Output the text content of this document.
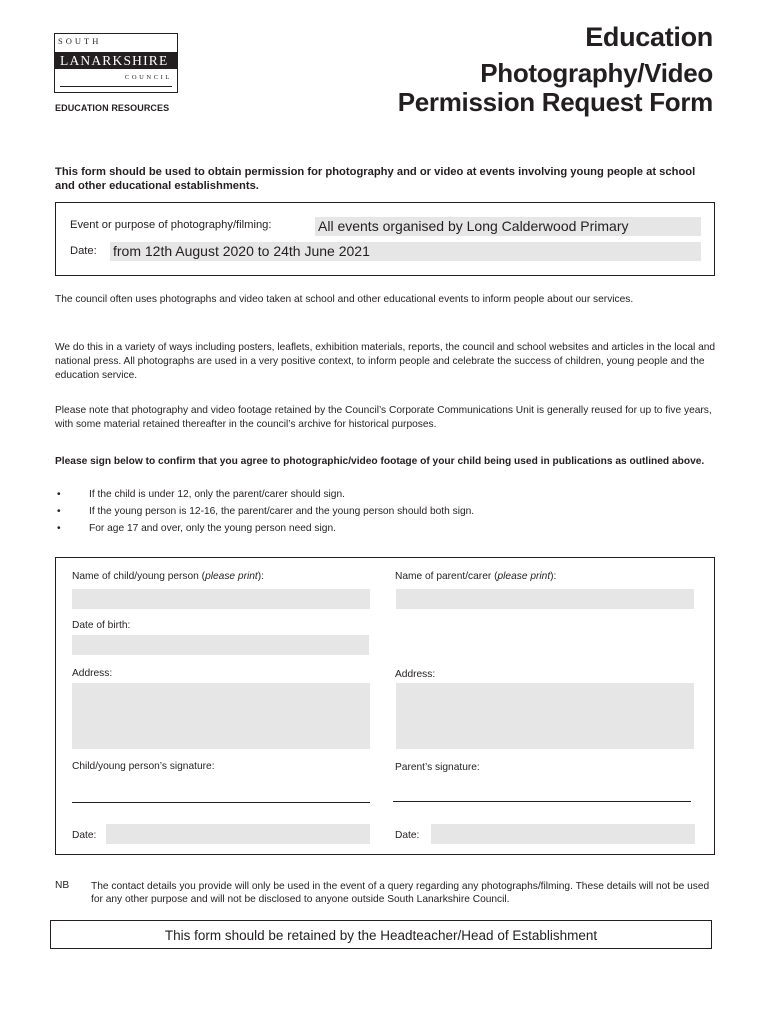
SOUTH
LANARKSHIRE
COUNCIL
EDUCATION RESOURCES
Education
Photography/Video
Permission Request Form
This form should be used to obtain permission for photography and or video at events involving young people at school and other educational establishments.
Event or purpose of photography/filming:	All events organised by Long Calderwood Primary
Date: from 12th August 2020 to 24th June 2021
The council often uses photographs and video taken at school and other educational events to inform people about our services.
We do this in a variety of ways including posters, leaflets, exhibition materials, reports, the council and school websites and articles in the local and national press. All photographs are used in a very positive context, to inform people and celebrate the success of children, young people and the education service.
Please note that photography and video footage retained by the Council’s Corporate Communications Unit is generally reused for up to five years, with some material retained thereafter in the council’s archive for historical purposes.
Please sign below to confirm that you agree to photographic/video footage of your child being used in publications as outlined above.
•	If the child is under 12, only the parent/carer should sign.
•	If the young person is 12-16, the parent/carer and the young person should both sign.
•	For age 17 and over, only the young person need sign.
Name of child/young person (please print):	Name of parent/carer (please print):
Date of birth:
Address:	Address:
Child/young person’s signature:	Parent’s signature:
Date:	Date:
NB The contact details you provide will only be used in the event of a query regarding any photographs/filming. These details will not be used for any other purpose and will not be disclosed to anyone outside South Lanarkshire Council.
This form should be retained by the Headteacher/Head of Establishment
